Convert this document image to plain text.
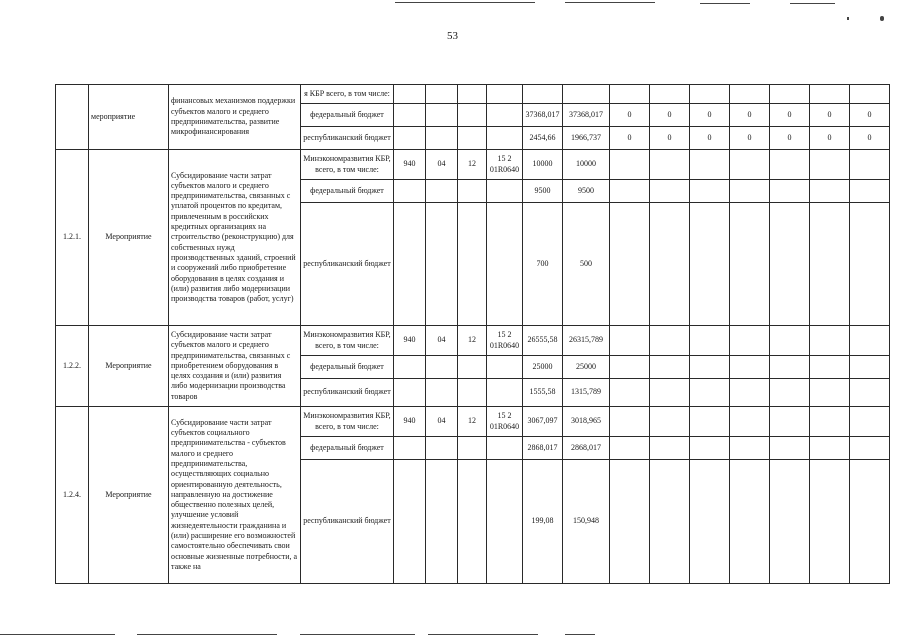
53
	мероприятие	финансовых механизмов поддержки субъектов малого и среднего предпринимательства, развитие микрофинансирования	я КБР всего, в том числе:													
			федеральный бюджет					37368,017	37368,017	0	0	0	0	0	0	0
			республиканский бюджет					2454,66	1966,737	0	0	0	0	0	0	0
1.2.1.	Мероприятие	Субсидирование части затрат субъектов малого и среднего предпринимательства, связанных с уплатой процентов по кредитам, привлеченным в российских кредитных организациях на строительство (реконструкцию) для собственных нужд производственных зданий, строений и сооружений либо приобретение оборудования в целях создания и (или) развития либо модернизации производства товаров (работ, услуг)	Минэкономразвития КБР, всего, в том числе:	940	04	12	15 2 01R0640	10000	10000							
			федеральный бюджет					9500	9500							
			республиканский бюджет					700	500							
1.2.2.	Мероприятие	Субсидирование части затрат субъектов малого и среднего предпринимательства, связанных с приобретением оборудования в целях создания и (или) развития либо модернизации производства товаров	Минэкономразвития КБР, всего, в том числе:	940	04	12	15 2 01R0640	26555,58	26315,789							
			федеральный бюджет					25000	25000							
			республиканский бюджет					1555,58	1315,789							
1.2.4.	Мероприятие	Субсидирование части затрат субъектов социального предпринимательства - субъектов малого и среднего предпринимательства, осуществляющих социально ориентированную деятельность, направленную на достижение общественно полезных целей, улучшение условий жизнедеятельности гражданина и (или) расширение его возможностей самостоятельно обеспечивать свои основные жизненные потребности, а также на	Минэкономразвития КБР, всего, в том числе:	940	04	12	15 2 01R0640	3067,097	3018,965							
			федеральный бюджет					2868,017	2868,017							
			республиканский бюджет					199,08	150,948							
